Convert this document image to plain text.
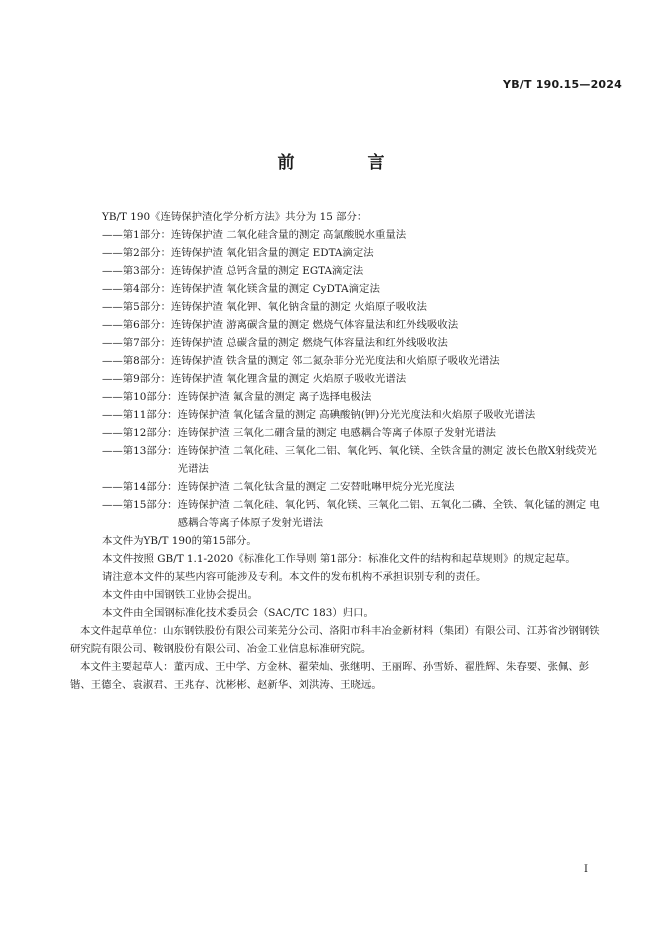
YB/T 190.15—2024
前　言
YB/T 190《连铸保护渣化学分析方法》共分为 15 部分：
——第1部分： 连铸保护渣 二氧化硅含量的测定 高氯酸脱水重量法
——第2部分： 连铸保护渣 氧化铝含量的测定 EDTA滴定法
——第3部分： 连铸保护渣 总钙含量的测定 EGTA滴定法
——第4部分： 连铸保护渣 氧化镁含量的测定 CyDTA滴定法
——第5部分： 连铸保护渣 氧化钾、氧化钠含量的测定 火焰原子吸收法
——第6部分： 连铸保护渣 游离碳含量的测定 燃烧气体容量法和红外线吸收法
——第7部分： 连铸保护渣 总碳含量的测定 燃烧气体容量法和红外线吸收法
——第8部分： 连铸保护渣 铁含量的测定 邻二氮杂菲分光光度法和火焰原子吸收光谱法
——第9部分： 连铸保护渣 氧化锂含量的测定 火焰原子吸收光谱法
——第10部分： 连铸保护渣 氟含量的测定 离子选择电极法
——第11部分： 连铸保护渣 氧化锰含量的测定 高碘酸钠(钾)分光光度法和火焰原子吸收光谱法
——第12部分： 连铸保护渣 三氧化二硼含量的测定 电感耦合等离子体原子发射光谱法
——第13部分： 连铸保护渣 二氧化硅、三氧化二铝、氧化钙、氧化镁、全铁含量的测定 波长色散X射线荧光光谱法
——第14部分： 连铸保护渣 二氧化钛含量的测定 二安替吡啉甲烷分光光度法
——第15部分： 连铸保护渣 二氧化硅、氧化钙、氧化镁、三氧化二铝、五氧化二磷、全铁、氧化锰的测定 电感耦合等离子体原子发射光谱法
本文件为YB/T 190的第15部分。
本文件按照 GB/T 1.1-2020《标准化工作导则 第1部分：标准化文件的结构和起草规则》的规定起草。
请注意本文件的某些内容可能涉及专利。本文件的发布机构不承担识别专利的责任。
本文件由中国钢铁工业协会提出。
本文件由全国钢标准化技术委员会（SAC/TC 183）归口。
本文件起草单位：山东钢铁股份有限公司莱芜分公司、洛阳市科丰冶金新材料（集团）有限公司、江苏省沙钢钢铁研究院有限公司、鞍钢股份有限公司、冶金工业信息标准研究院。
本文件主要起草人：董丙成、王中学、方金林、翟荣灿、张继明、王丽晖、孙雪娇、翟胜辉、朱春要、张佩、彭锴、王德全、袁淑君、王兆存、沈彬彬、赵新华、刘洪涛、王晓远。
I
